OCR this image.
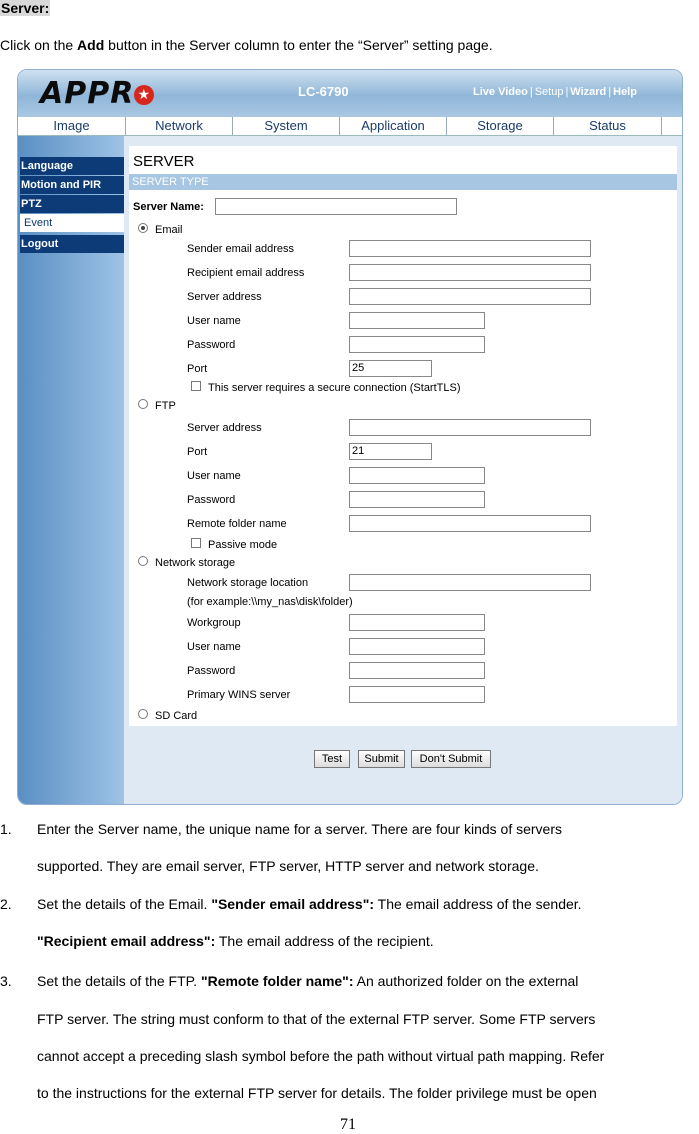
Server:
Click on the Add button in the Server column to enter the “Server” setting page.
APPR ★	LC-6790	Live Video | Setup | Wizard | Help
Image	Network	System	Application	Storage	Status
Language
Motion and PIR
PTZ
Event
Logout
SERVER
SERVER TYPE
Server Name:
Email
Sender email address
Recipient email address
Server address
User name
Password
Port	25
This server requires a secure connection (StartTLS)
FTP
Server address
Port	21
User name
Password
Remote folder name
Passive mode
Network storage
Network storage location
(for example:\\my_nas\disk\folder)
Workgroup
User name
Password
Primary WINS server
SD Card
Test	Submit	Don't Submit
71
1. Enter the Server name, the unique name for a server. There are four kinds of servers
supported. They are email server, FTP server, HTTP server and network storage.
2. Set the details of the Email. "Sender email address": The email address of the sender.
"Recipient email address": The email address of the recipient.
3. Set the details of the FTP. "Remote folder name": An authorized folder on the external
FTP server. The string must conform to that of the external FTP server. Some FTP servers
cannot accept a preceding slash symbol before the path without virtual path mapping. Refer
to the instructions for the external FTP server for details. The folder privilege must be open
